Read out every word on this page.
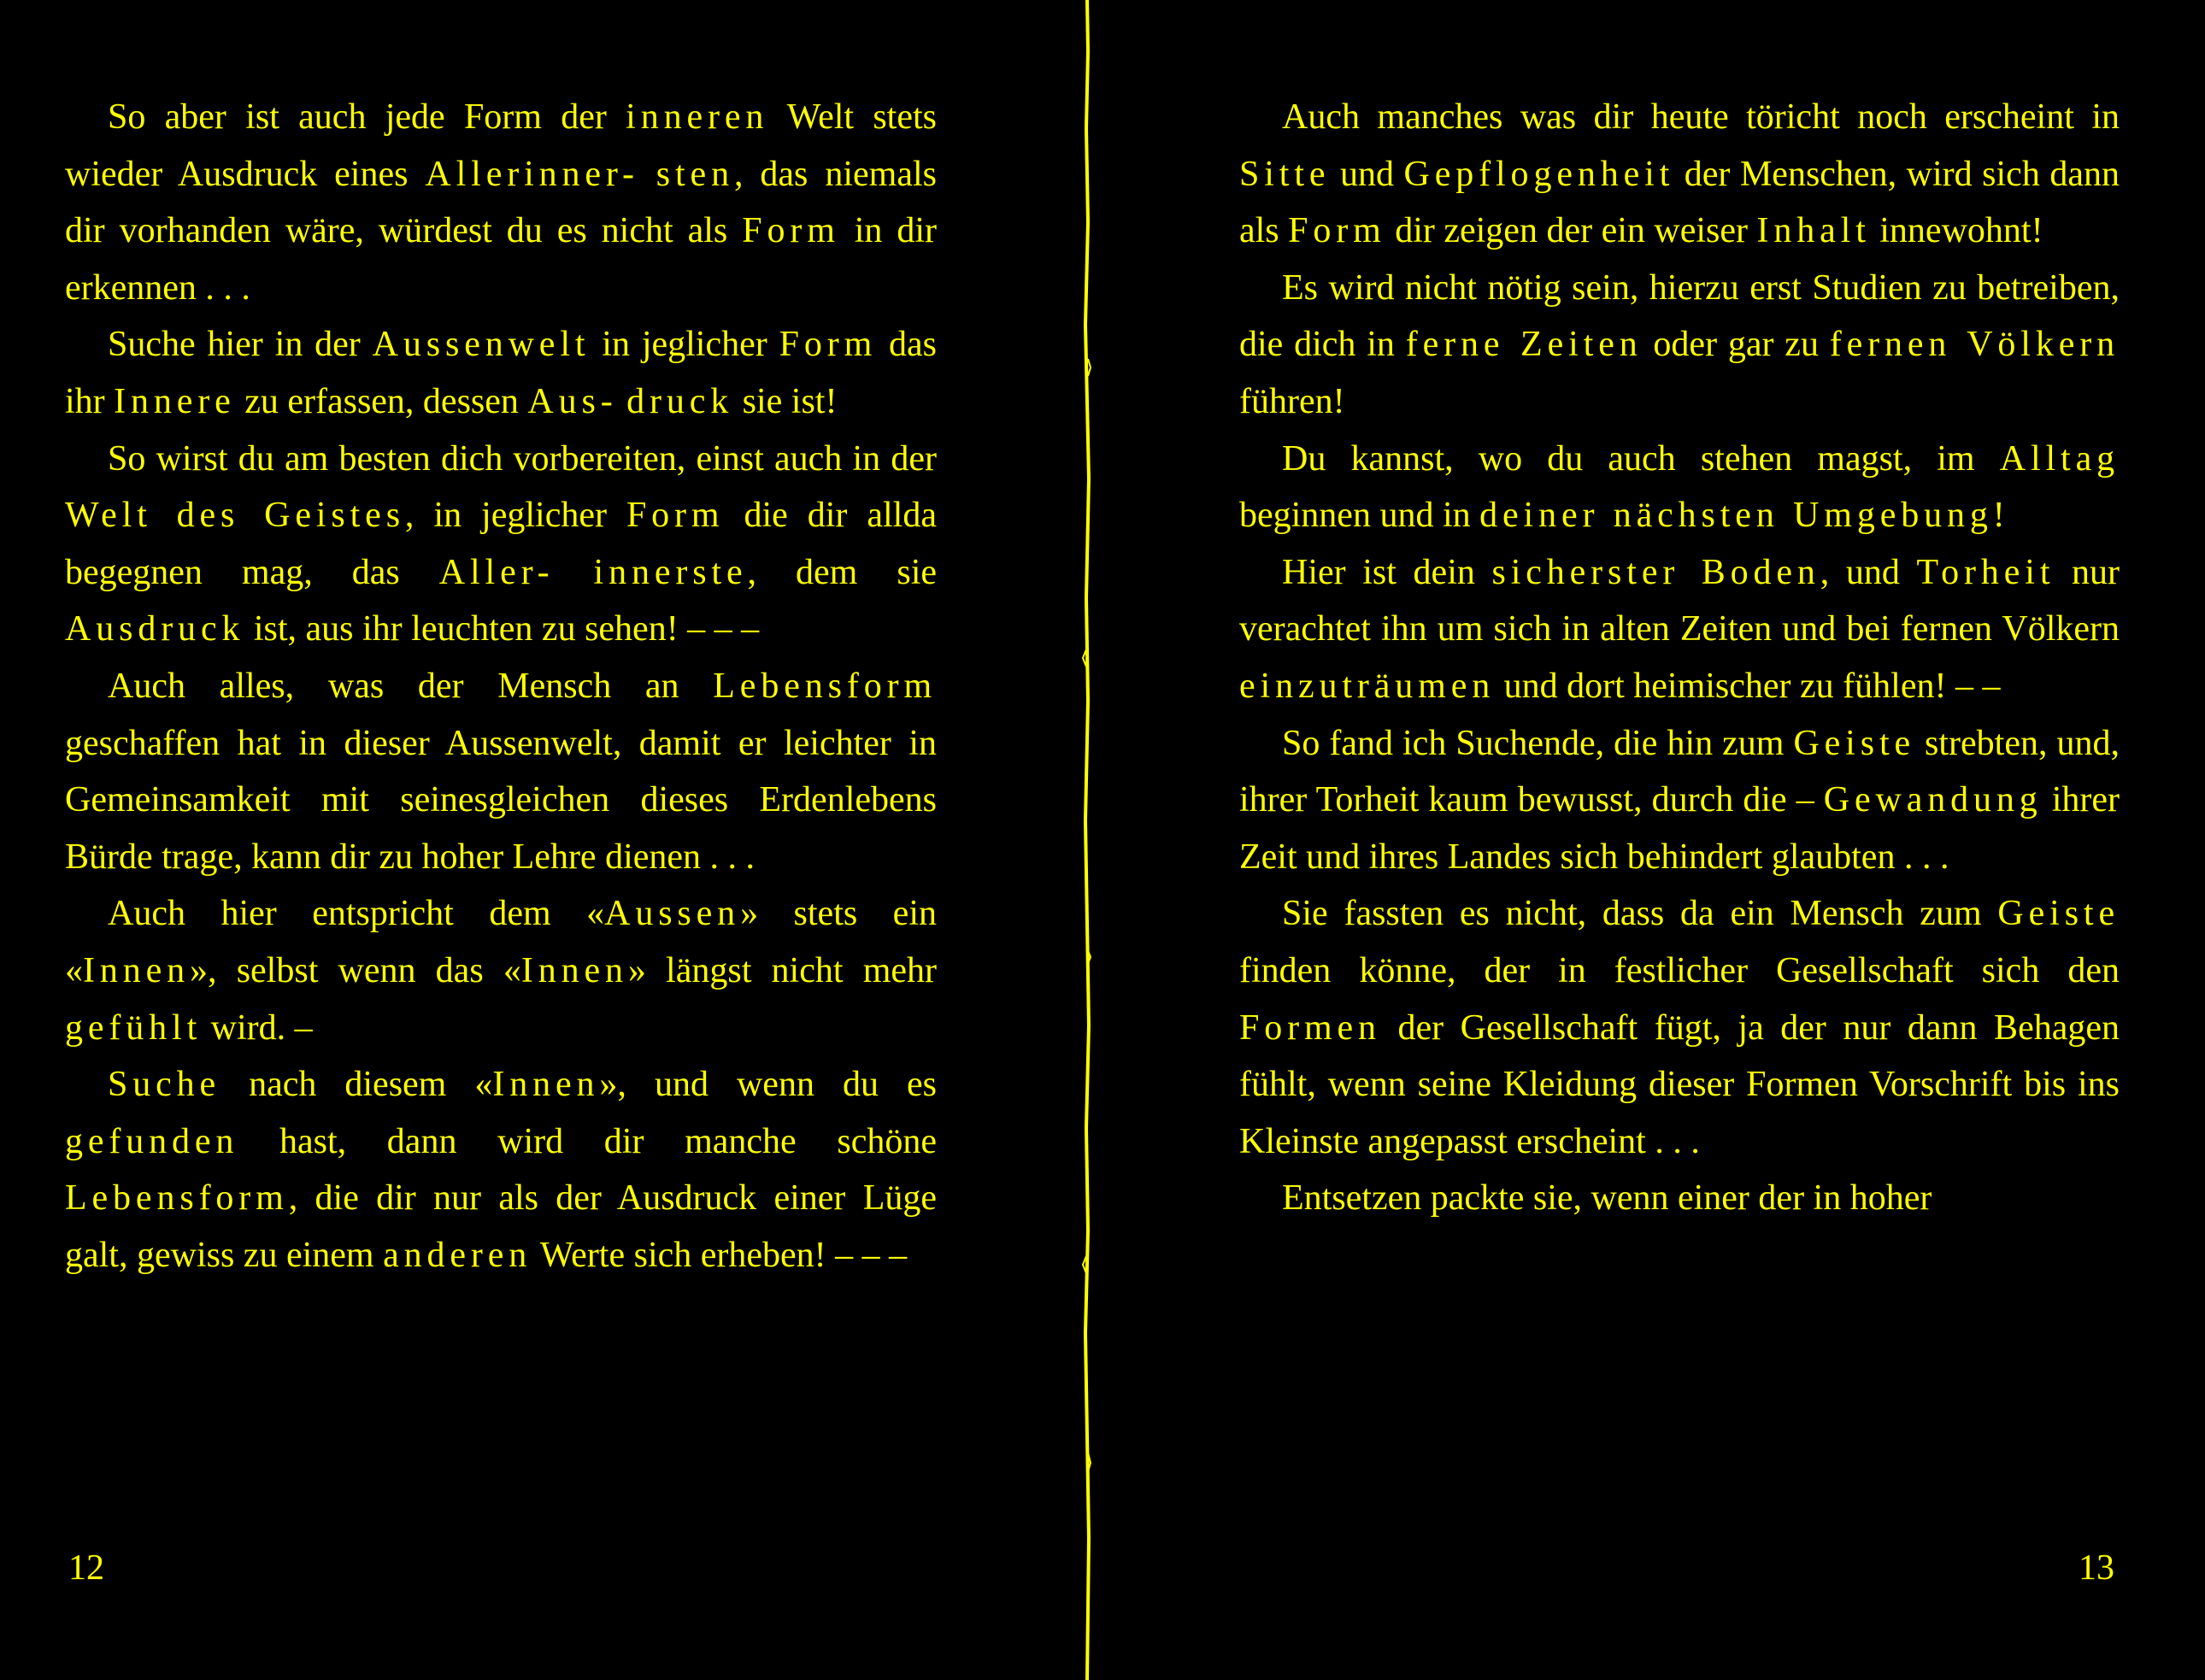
So aber ist auch jede Form der inneren Welt stets wieder Ausdruck eines Allerinner- sten, das niemals dir vorhanden wäre, würdest du es nicht als Form in dir erkennen . . .

Suche hier in der Aussenwelt in jeglicher Form das ihr Innere zu erfassen, dessen Aus- druck sie ist!

So wirst du am besten dich vorbereiten, einst auch in der Welt des Geistes, in jeglicher Form die dir allda begegnen mag, das Aller- innerste, dem sie Ausdruck ist, aus ihr leuchten zu sehen! – – –

Auch alles, was der Mensch an Lebensform geschaffen hat in dieser Aussenwelt, damit er leichter in Gemeinsamkeit mit seinesgleichen dieses Erdenlebens Bürde trage, kann dir zu hoher Lehre dienen . . .

Auch hier entspricht dem «Aussen» stets ein «Innen», selbst wenn das «Innen» längst nicht mehr gefühlt wird. –

Suche nach diesem «Innen», und wenn du es gefunden hast, dann wird dir manche schöne Lebensform, die dir nur als der Ausdruck einer Lüge galt, gewiss zu einem anderen Werte sich erheben! – – –

Auch manches was dir heute töricht noch erscheint in Sitte und Gepflogenheit der Menschen, wird sich dann als Form dir zeigen der ein weiser Inhalt innewohnt!

Es wird nicht nötig sein, hierzu erst Studien zu betreiben, die dich in ferne Zeiten oder gar zu fernen Völkern führen!

Du kannst, wo du auch stehen magst, im Alltag beginnen und in deiner nächsten Umgebung!

Hier ist dein sicherster Boden, und Torheit nur verachtet ihn um sich in alten Zeiten und bei fernen Völkern einzuträumen und dort heimischer zu fühlen! – –

So fand ich Suchende, die hin zum Geiste strebten, und, ihrer Torheit kaum bewusst, durch die – Gewandung ihrer Zeit und ihres Landes sich behindert glaubten . . .

Sie fassten es nicht, dass da ein Mensch zum Geiste finden könne, der in festlicher Gesellschaft sich den Formen der Gesellschaft fügt, ja der nur dann Behagen fühlt, wenn seine Kleidung dieser Formen Vorschrift bis ins Kleinste angepasst erscheint . . .

Entsetzen packte sie, wenn einer der in hoher

12	13
